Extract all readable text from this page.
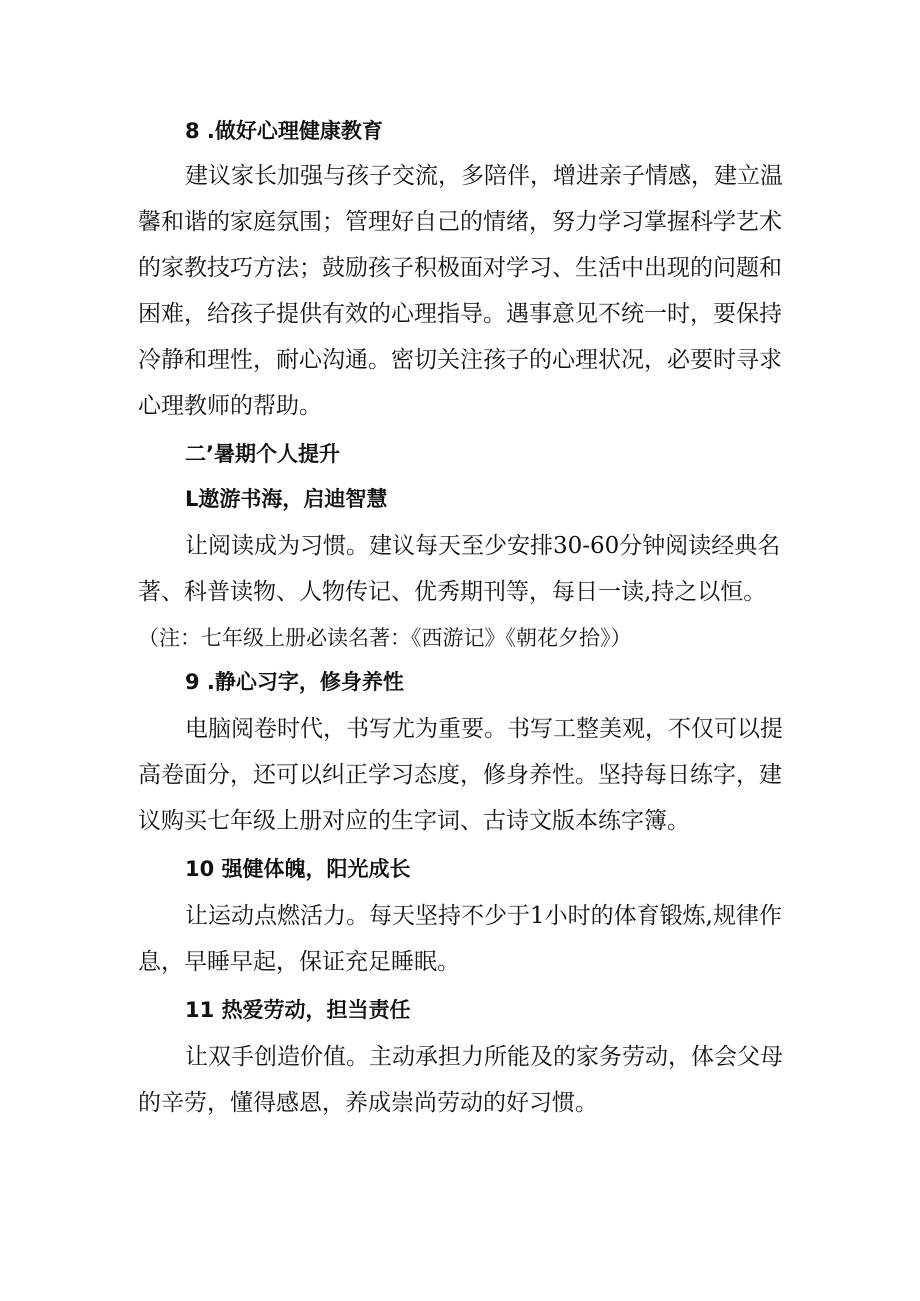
8 .做好心理健康教育
建议家长加强与孩子交流，多陪伴，增进亲子情感，建立温
馨和谐的家庭氛围；管理好自己的情绪，努力学习掌握科学艺术
的家教技巧方法；鼓励孩子积极面对学习、生活中出现的问题和
困难，给孩子提供有效的心理指导。遇事意见不统一时，要保持
冷静和理性，耐心沟通。密切关注孩子的心理状况，必要时寻求
心理教师的帮助。
二’暑期个人提升
L遨游书海，启迪智慧
让阅读成为习惯。建议每天至少安排30-60分钟阅读经典名
著、科普读物、人物传记、优秀期刊等，每日一读,持之以恒。
（注：七年级上册必读名著：《西游记》《朝花夕拾》）
9 .静心习字，修身养性
电脑阅卷时代，书写尤为重要。书写工整美观，不仅可以提
高卷面分，还可以纠正学习态度，修身养性。坚持每日练字，建
议购买七年级上册对应的生字词、古诗文版本练字簿。
10 强健体魄，阳光成长
让运动点燃活力。每天坚持不少于1小时的体育锻炼,规律作
息，早睡早起，保证充足睡眠。
11 热爱劳动，担当责任
让双手创造价值。主动承担力所能及的家务劳动，体会父母
的辛劳，懂得感恩，养成崇尚劳动的好习惯。
